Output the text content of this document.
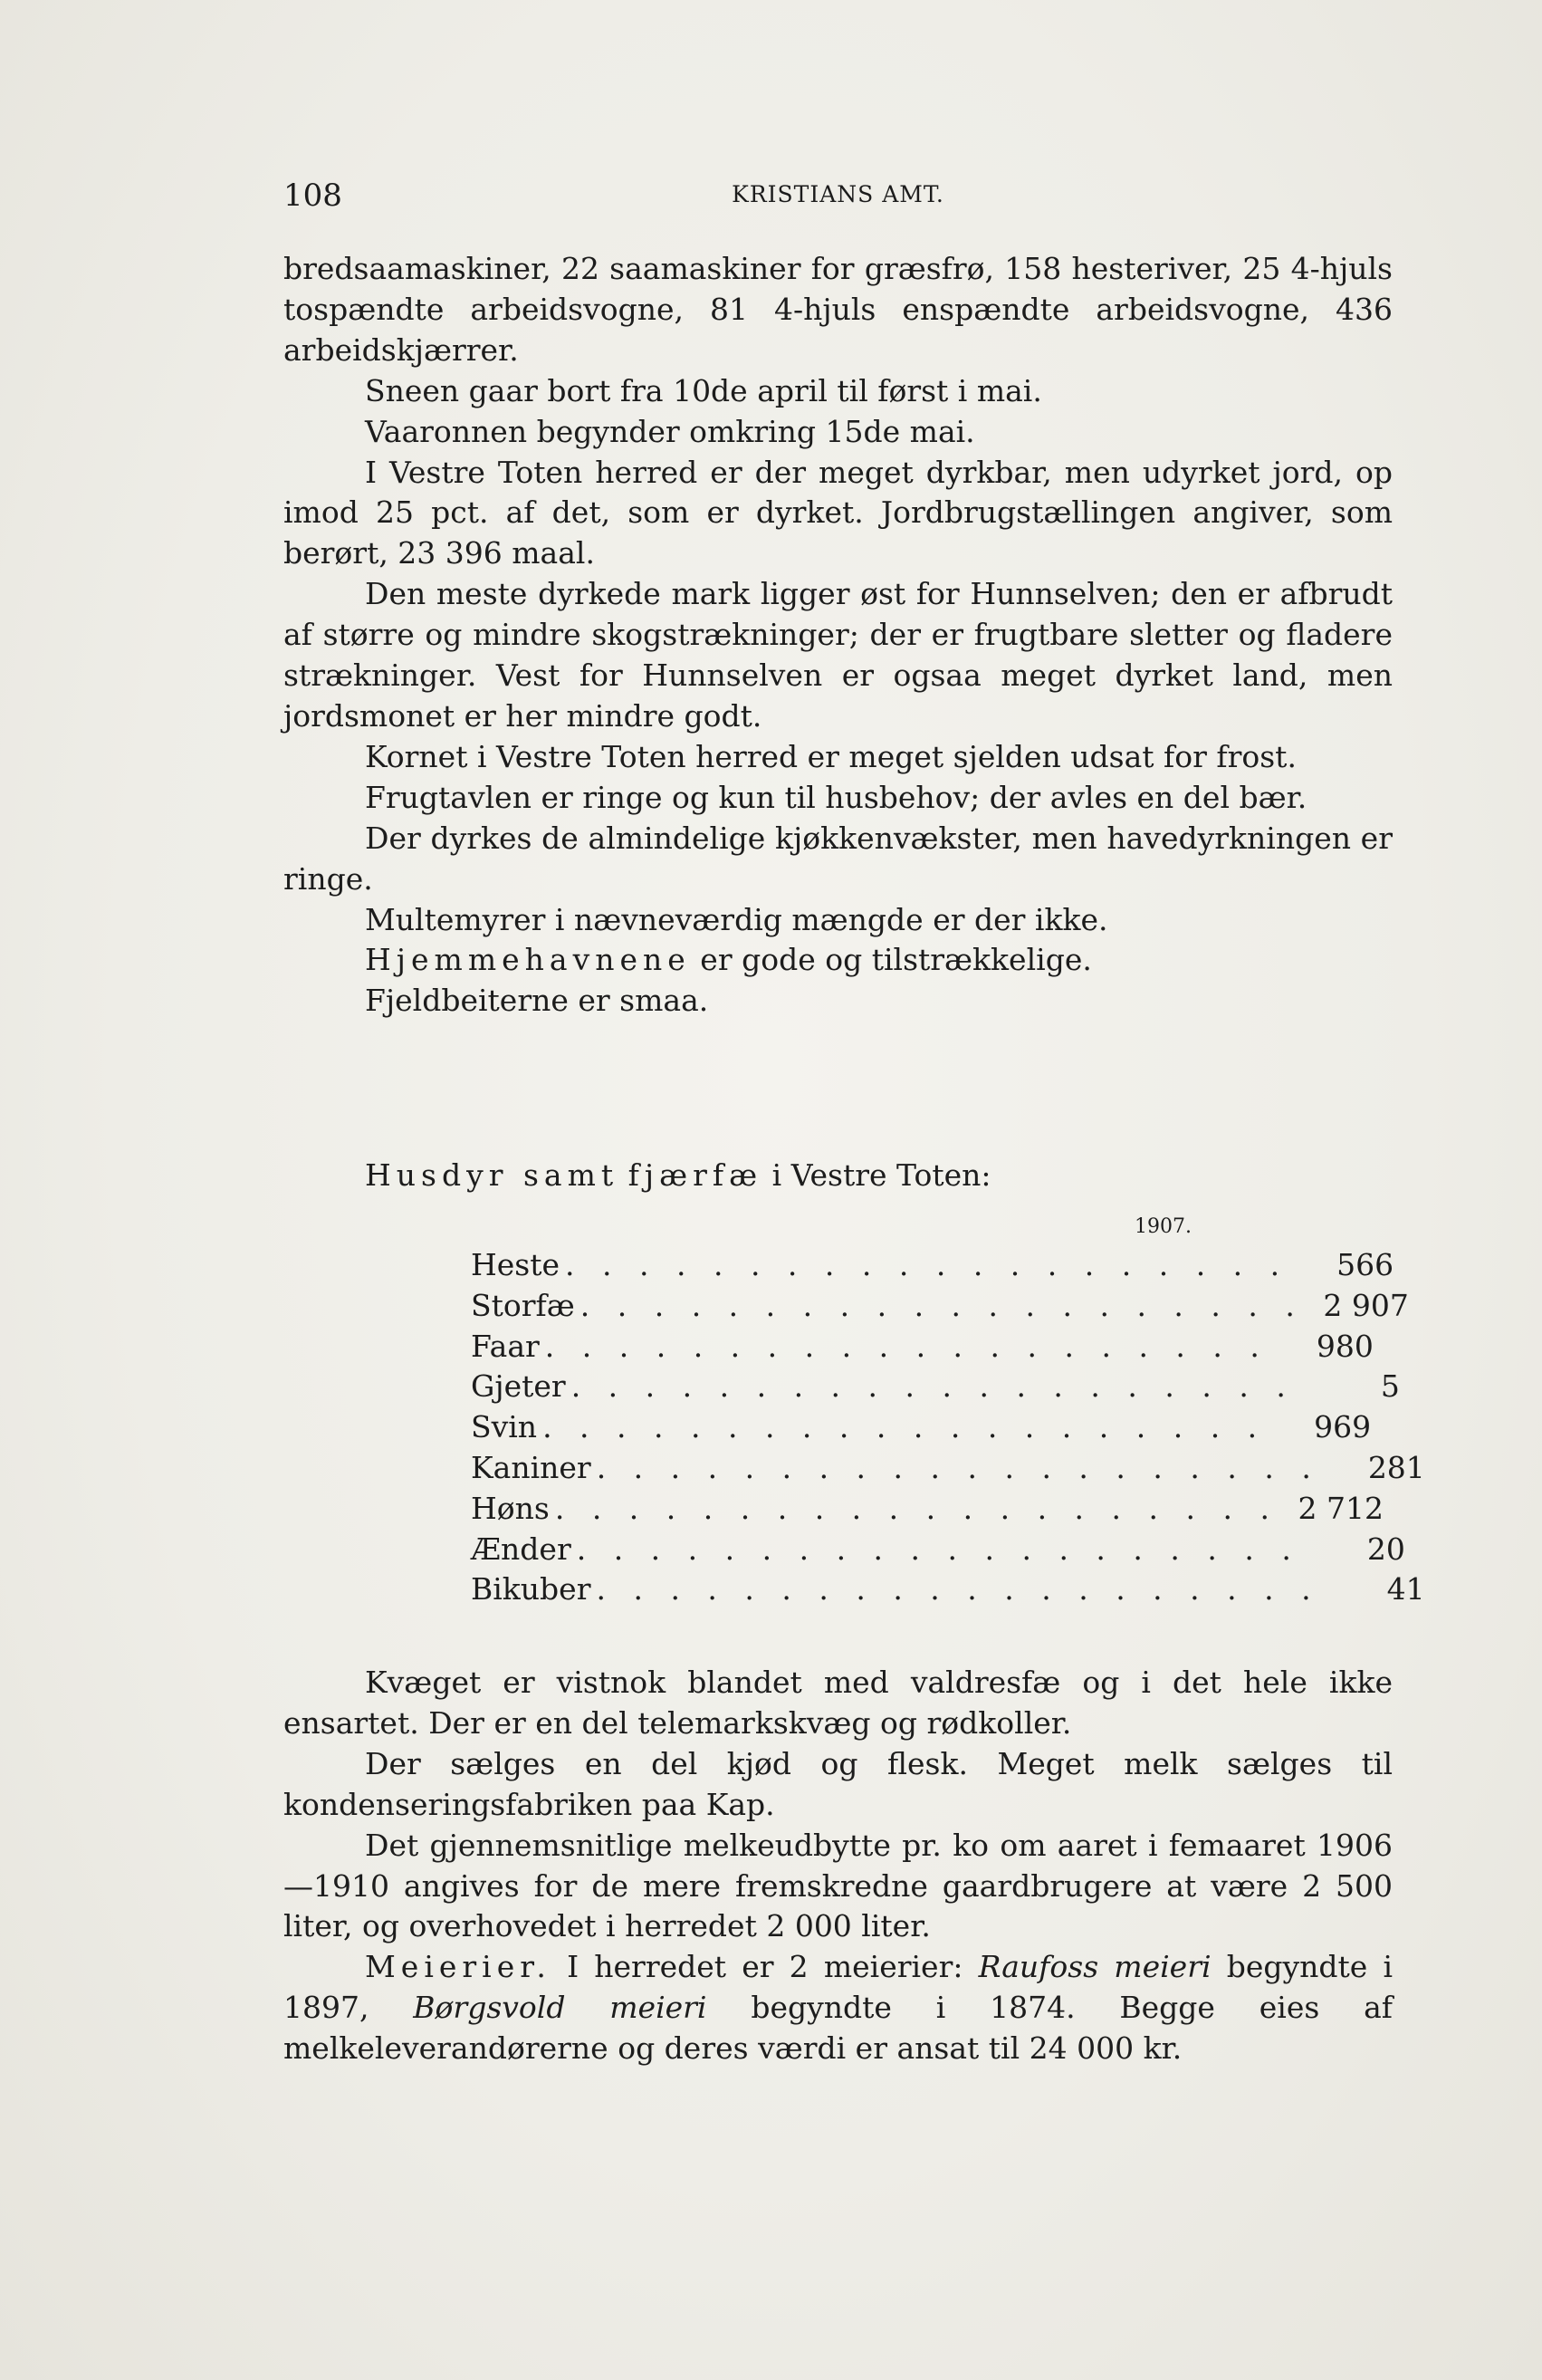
108	KRISTIANS AMT.

bredsaamaskiner, 22 saamaskiner for græsfrø, 158 hesteriver, 25 4-hjuls tospændte arbeidsvogne, 81 4-hjuls enspændte arbeidsvogne, 436 arbeidskjærrer.

Sneen gaar bort fra 10de april til først i mai.

Vaaronnen begynder omkring 15de mai.

I Vestre Toten herred er der meget dyrkbar, men udyrket jord, op imod 25 pct. af det, som er dyrket. Jordbrugstællingen angiver, som berørt, 23 396 maal.

Den meste dyrkede mark ligger øst for Hunnselven; den er afbrudt af større og mindre skogstrækninger; der er frugtbare sletter og fladere strækninger. Vest for Hunnselven er ogsaa meget dyrket land, men jordsmonet er her mindre godt.

Kornet i Vestre Toten herred er meget sjelden udsat for frost.

Frugtavlen er ringe og kun til husbehov; der avles en del bær.

Der dyrkes de almindelige kjøkkenvækster, men havedyrkningen er ringe.

Multemyrer i nævneværdig mængde er der ikke.

Hjemmehavnene er gode og tilstrækkelige.

Fjeldbeiterne er smaa.

Husdyr samt fjærfæ i Vestre Toten:
1907.
Heste . . . . . . . . . . . . . . . . . . . .	566
Storfæ . . . . . . . . . . . . . . . . . . . . 2 907
Faar . . . . . . . . . . . . . . . . . . . .	980
Gjeter . . . . . . . . . . . . . . . . . . . .	5
Svin . . . . . . . . . . . . . . . . . . . .	969
Kaniner . . . . . . . . . . . . . . . . . . . .	281
Høns . . . . . . . . . . . . . . . . . . . . 2 712
Ænder . . . . . . . . . . . . . . . . . . . .	20
Bikuber . . . . . . . . . . . . . . . . . . . .	41

Kvæget er vistnok blandet med valdresfæ og i det hele ikke ensartet. Der er en del telemarkskvæg og rødkoller.

Der sælges en del kjød og flesk. Meget melk sælges til kondenseringsfabriken paa Kap.

Det gjennemsnitlige melkeudbytte pr. ko om aaret i femaaret 1906—1910 angives for de mere fremskredne gaardbrugere at være 2 500 liter, og overhovedet i herredet 2 000 liter.

Meierier. I herredet er 2 meierier: Raufoss meieri begyndte i 1897, Børgsvold meieri begyndte i 1874. Begge eies af melkeleverandørerne og deres værdi er ansat til 24 000 kr.
